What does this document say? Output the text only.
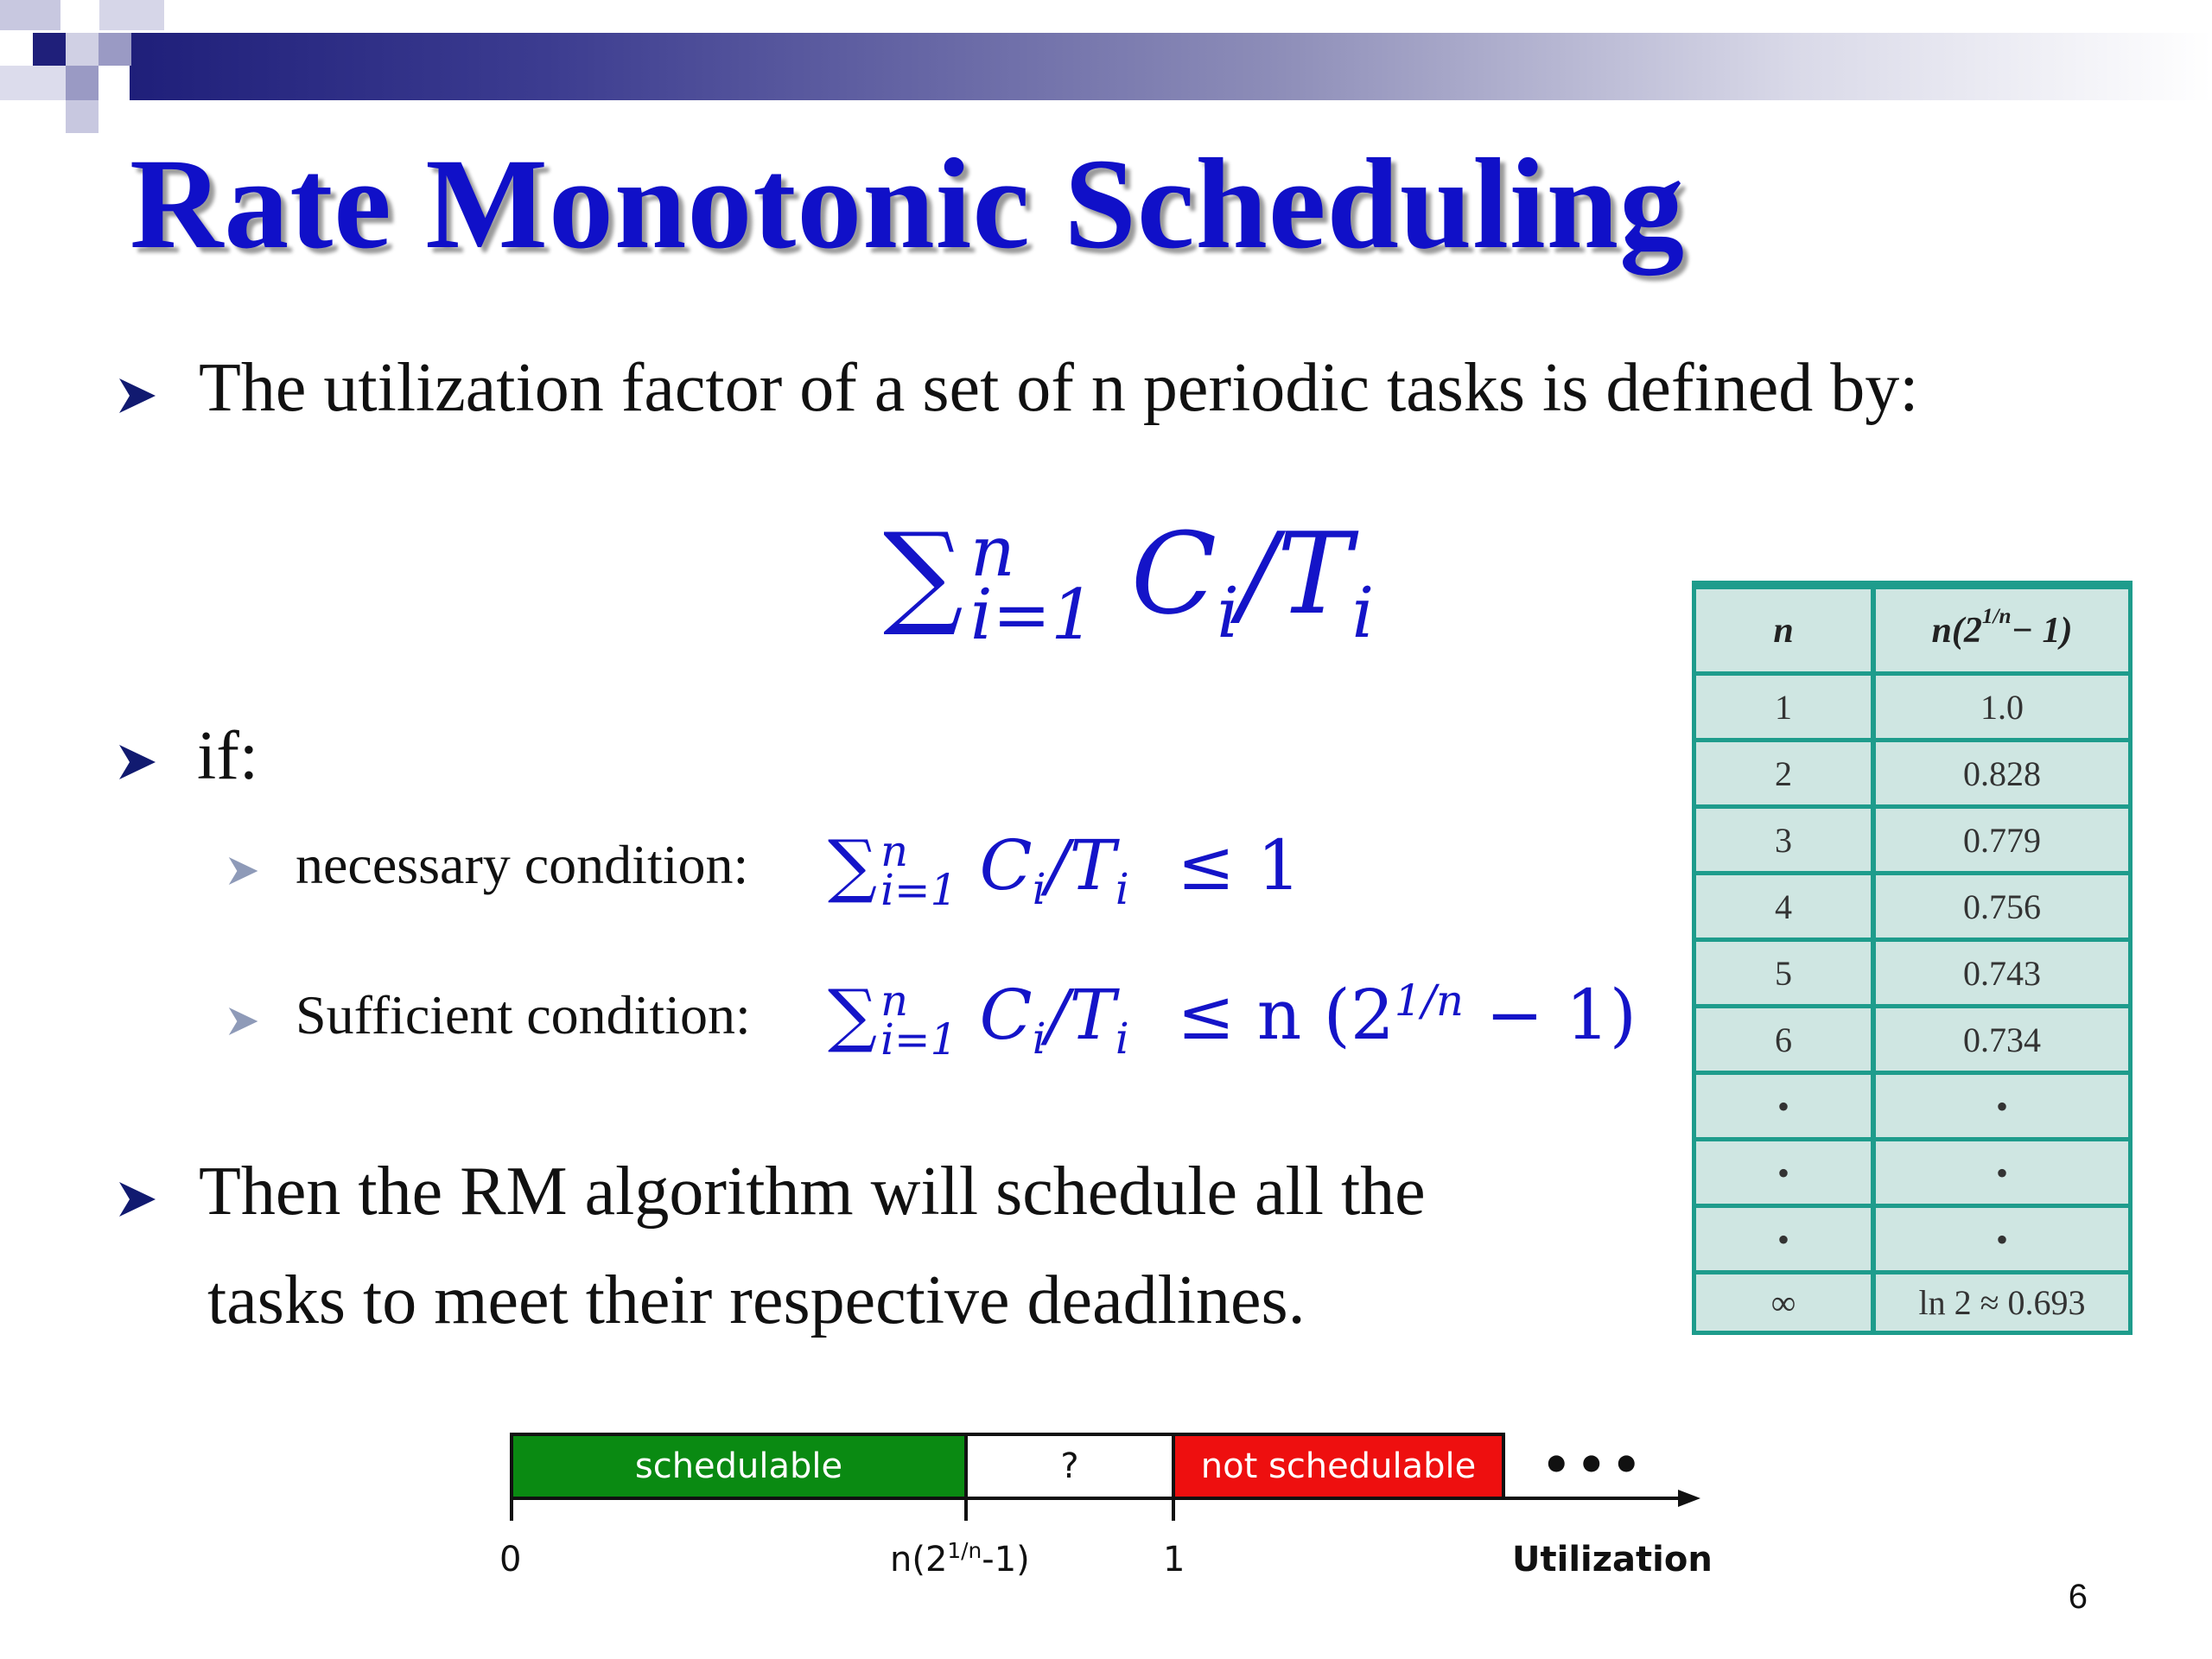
Rate Monotonic Scheduling
The utilization factor of a set of n periodic tasks is defined by:
∑n
i=1 $C_i/T_i$
if:
necessary condition: ∑n
i=1 $C_i/T_i \le 1$
Sufficient condition: ∑n
i=1 $C_i/T_i \le n$ $(2^{1/n} - 1)$
Then the RM algorithm will schedule all the
tasks to meet their respective deadlines.
n	n(2 1/n − 1)
1	1.0
2	0.828
3	0.779
4	0.756
5	0.743
6	0.734
•	•
•	•
•	•
∞	ln 2 ≈ 0.693
schedulable	?	not schedulable •••
0	$n(2^{1/n}-1)$	1	Utilization
6
